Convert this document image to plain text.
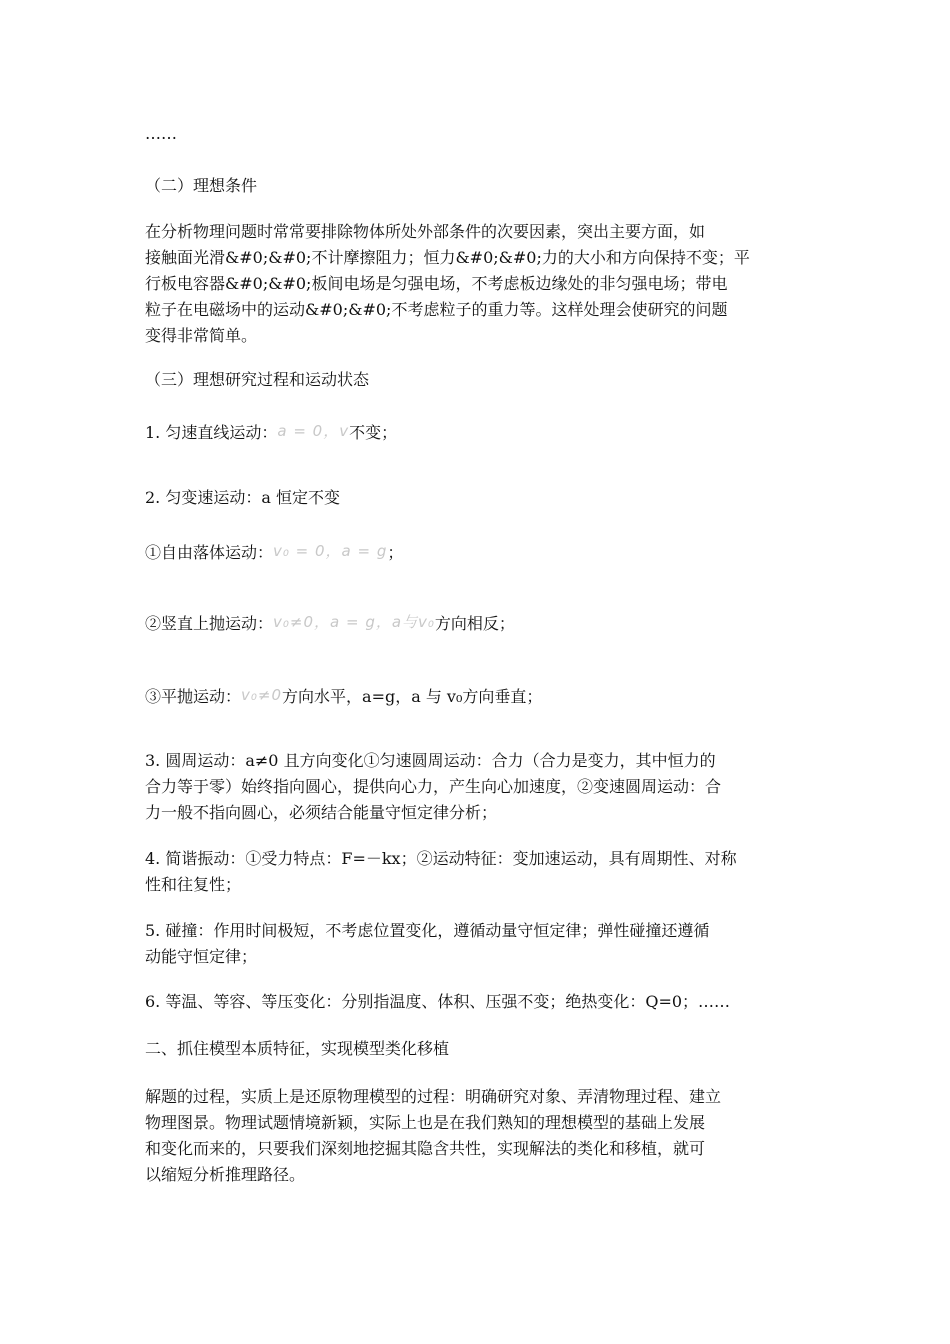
……
（二）理想条件
在分析物理问题时常常要排除物体所处外部条件的次要因素，突出主要方面，如
接触面光滑&#0;&#0;不计摩擦阻力；恒力&#0;&#0;力的大小和方向保持不变；平
行板电容器&#0;&#0;板间电场是匀强电场，不考虑板边缘处的非匀强电场；带电
粒子在电磁场中的运动&#0;&#0;不考虑粒子的重力等。这样处理会使研究的问题
变得非常简单。
（三）理想研究过程和运动状态
1. 匀速直线运动：a = 0，v不变；
2. 匀变速运动：a 恒定不变
①自由落体运动：v₀ = 0，a = g；
②竖直上抛运动：v₀≠0，a = g，a与v₀方向相反；
③平抛运动：v₀≠0方向水平，a=g，a 与 v₀方向垂直；
3. 圆周运动：a≠0 且方向变化①匀速圆周运动：合力（合力是变力，其中恒力的
合力等于零）始终指向圆心，提供向心力，产生向心加速度，②变速圆周运动：合
力一般不指向圆心，必须结合能量守恒定律分析；
4. 简谐振动：①受力特点：F=－kx；②运动特征：变加速运动，具有周期性、对称
性和往复性；
5. 碰撞：作用时间极短，不考虑位置变化，遵循动量守恒定律；弹性碰撞还遵循
动能守恒定律；
6. 等温、等容、等压变化：分别指温度、体积、压强不变；绝热变化：Q=0；……
二、抓住模型本质特征，实现模型类化移植
解题的过程，实质上是还原物理模型的过程：明确研究对象、弄清物理过程、建立
物理图景。物理试题情境新颖，实际上也是在我们熟知的理想模型的基础上发展
和变化而来的，只要我们深刻地挖掘其隐含共性，实现解法的类化和移植，就可
以缩短分析推理路径。
